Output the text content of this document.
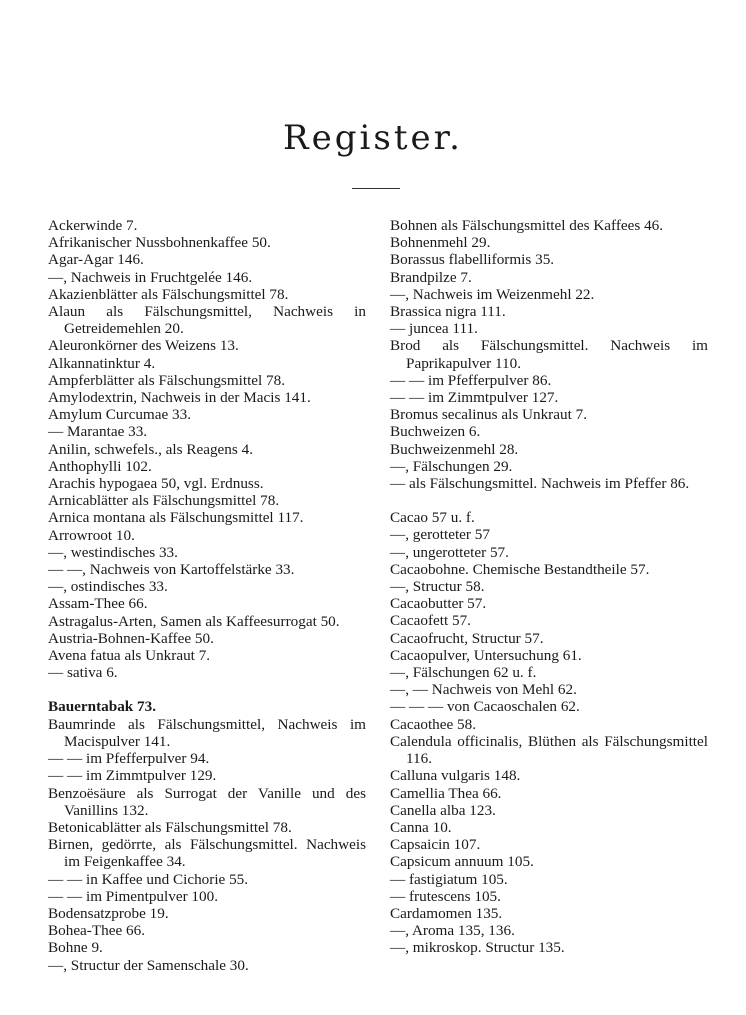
Register.
Ackerwinde 7.
Afrikanischer Nussbohnenkaffee 50.
Agar-Agar 146.
—, Nachweis in Fruchtgelée 146.
Akazienblätter als Fälschungsmittel 78.
Alaun als Fälschungsmittel, Nachweis in Getreidemehlen 20.
Aleuronkörner des Weizens 13.
Alkannatinktur 4.
Ampferblätter als Fälschungsmittel 78.
Amylodextrin, Nachweis in der Macis 141.
Amylum Curcumae 33.
— Marantae 33.
Anilin, schwefels., als Reagens 4.
Anthophylli 102.
Arachis hypogaea 50, vgl. Erdnuss.
Arnicablätter als Fälschungsmittel 78.
Arnica montana als Fälschungsmittel 117.
Arrowroot 10.
—, westindisches 33.
— —, Nachweis von Kartoffelstärke 33.
—, ostindisches 33.
Assam-Thee 66.
Astragalus-Arten, Samen als Kaffeesurrogat 50.
Austria-Bohnen-Kaffee 50.
Avena fatua als Unkraut 7.
— sativa 6.
Bauerntabak 73.
Baumrinde als Fälschungsmittel, Nachweis im Macispulver 141.
— — im Pfefferpulver 94.
— — im Zimmtpulver 129.
Benzoësäure als Surrogat der Vanille und des Vanillins 132.
Betonicablätter als Fälschungsmittel 78.
Birnen, gedörrte, als Fälschungsmittel. Nachweis im Feigenkaffee 34.
— — in Kaffee und Cichorie 55.
— — im Pimentpulver 100.
Bodensatzprobe 19.
Bohea-Thee 66.
Bohne 9.
—, Structur der Samenschale 30.
Bohnen als Fälschungsmittel des Kaffees 46.
Bohnenmehl 29.
Borassus flabelliformis 35.
Brandpilze 7.
—, Nachweis im Weizenmehl 22.
Brassica nigra 111.
— juncea 111.
Brod als Fälschungsmittel. Nachweis im Paprikapulver 110.
— — im Pfefferpulver 86.
— — im Zimmtpulver 127.
Bromus secalinus als Unkraut 7.
Buchweizen 6.
Buchweizenmehl 28.
—, Fälschungen 29.
— als Fälschungsmittel. Nachweis im Pfeffer 86.
Cacao 57 u. f.
—, gerotteter 57
—, ungerotteter 57.
Cacaobohne. Chemische Bestandtheile 57.
—, Structur 58.
Cacaobutter 57.
Cacaofett 57.
Cacaofrucht, Structur 57.
Cacaopulver, Untersuchung 61.
—, Fälschungen 62 u. f.
—, — Nachweis von Mehl 62.
— — — von Cacaoschalen 62.
Cacaothee 58.
Calendula officinalis, Blüthen als Fälschungsmittel 116.
Calluna vulgaris 148.
Camellia Thea 66.
Canella alba 123.
Canna 10.
Capsaicin 107.
Capsicum annuum 105.
— fastigiatum 105.
— frutescens 105.
Cardamomen 135.
—, Aroma 135, 136.
—, mikroskop. Structur 135.
